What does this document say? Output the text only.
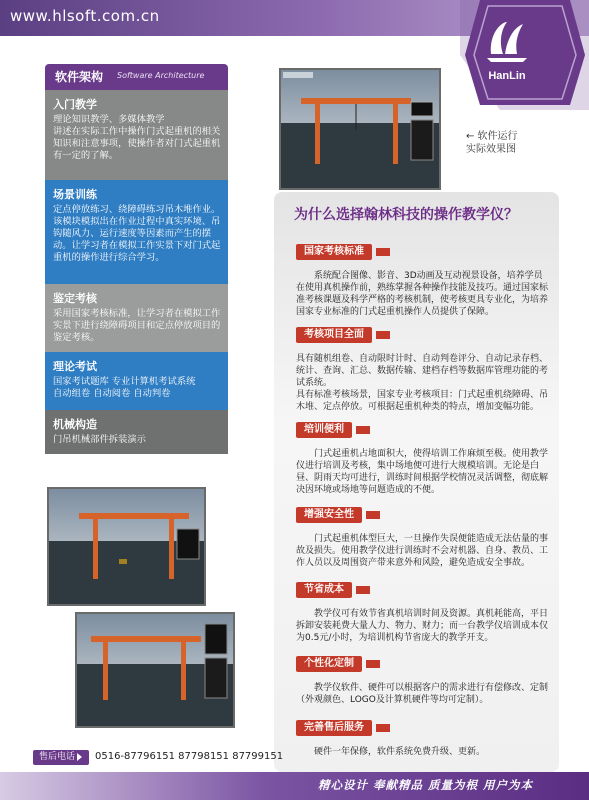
www.hlsoft.com.cn
HanLin
软件架构 Software Architecture
入门教学
理论知识教学、多媒体教学
讲述在实际工作中操作门式起重机的相关知识和注意事项，使操作者对门式起重机有一定的了解。
场景训练
定点停放练习、绕障碍练习吊木堆作业。该模块模拟出在作业过程中真实环境、吊钩随风力、运行速度等因素而产生的摆动。让学习者在模拟工作实景下对门式起重机的操作进行综合学习。
鉴定考核
采用国家考核标准，让学习者在模拟工作实景下进行绕障碍项目和定点停放项目的鉴定考核。
理论考试
国家考试题库 专业计算机考试系统
自动组卷 自动阅卷 自动判卷
机械构造
门吊机械部件拆装演示
← 软件运行
实际效果图
为什么选择翰林科技的操作教学仪？
国家考核标准
系统配合图像、影音、3D动画及互动视景设备，培养学员在使用真机操作前，熟练掌握各种操作技能及技巧。通过国家标准考核课题及科学严格的考核机制，使考核更具专业化，为培养国家专业标准的门式起重机操作人员提供了保障。
考核项目全面
具有随机组卷、自动限时计时、自动判卷评分、自动记录存档、统计、查询、汇总、数据传输、建档存档等数据库管理功能的考试系统。
具有标准考核场景，国家专业考核项目：门式起重机绕障碍、吊木堆、定点停放。可根据起重机种类的特点，增加变幅功能。
培训便利
门式起重机占地面积大，使得培训工作麻烦至极。使用教学仪进行培训及考核，集中场地便可进行大规模培训。无论是白昼、阴雨天均可进行，训练时间根据学校情况灵活调整，彻底解决因环境或场地等问题造成的不便。
增强安全性
门式起重机体型巨大，一旦操作失误便能造成无法估量的事故及损失。使用教学仪进行训练时不会对机器、自身、教员、工作人员以及周围资产带来意外和风险，避免造成安全事故。
节省成本
教学仪可有效节省真机培训时间及资源。真机耗能高，平日拆卸安装耗费大量人力、物力、财力；而一台教学仪培训成本仅为0.5元/小时，为培训机构节省庞大的教学开支。
个性化定制
教学仪软件、硬件可以根据客户的需求进行有偿修改、定制（外观颜色、LOGO及计算机硬件等均可定制）。
完善售后服务
硬件一年保修，软件系统免费升级、更新。
售后电话	0516-87796151 87798151 87799151
精心设计 奉献精品 质量为根 用户为本
